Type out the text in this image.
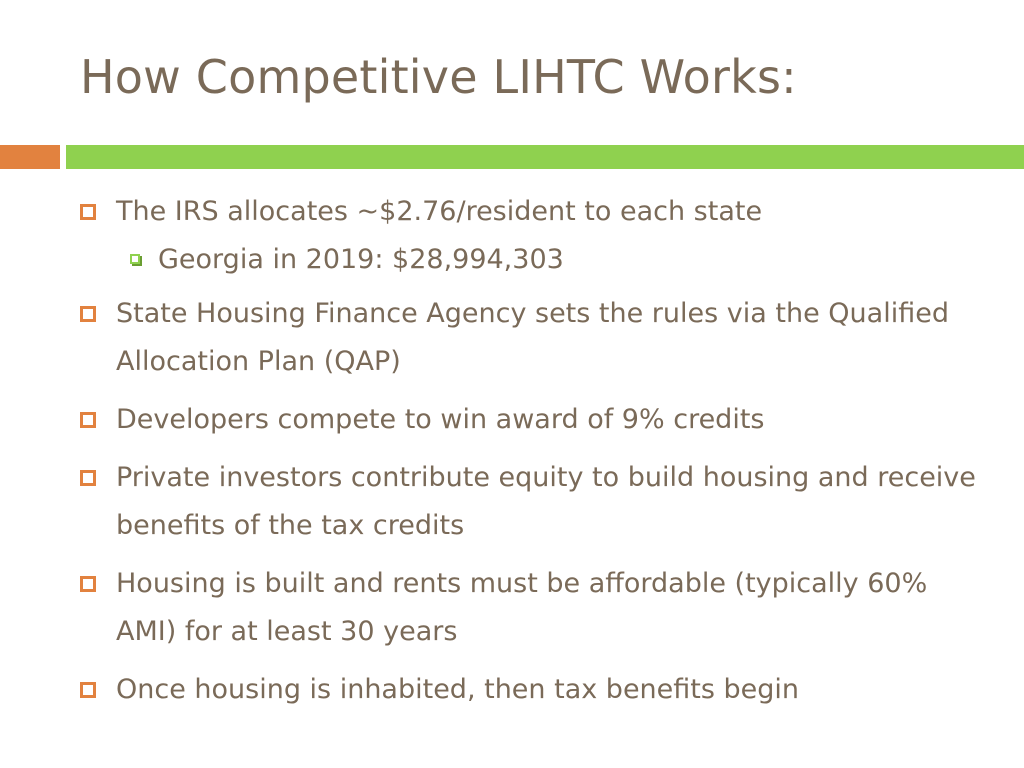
How Competitive LIHTC Works:
The IRS allocates ~$2.76/resident to each state
Georgia in 2019: $28,994,303
State Housing Finance Agency sets the rules via the Qualified Allocation Plan (QAP)
Developers compete to win award of 9% credits
Private investors contribute equity to build housing and receive benefits of the tax credits
Housing is built and rents must be affordable (typically 60% AMI) for at least 30 years
Once housing is inhabited, then tax benefits begin
